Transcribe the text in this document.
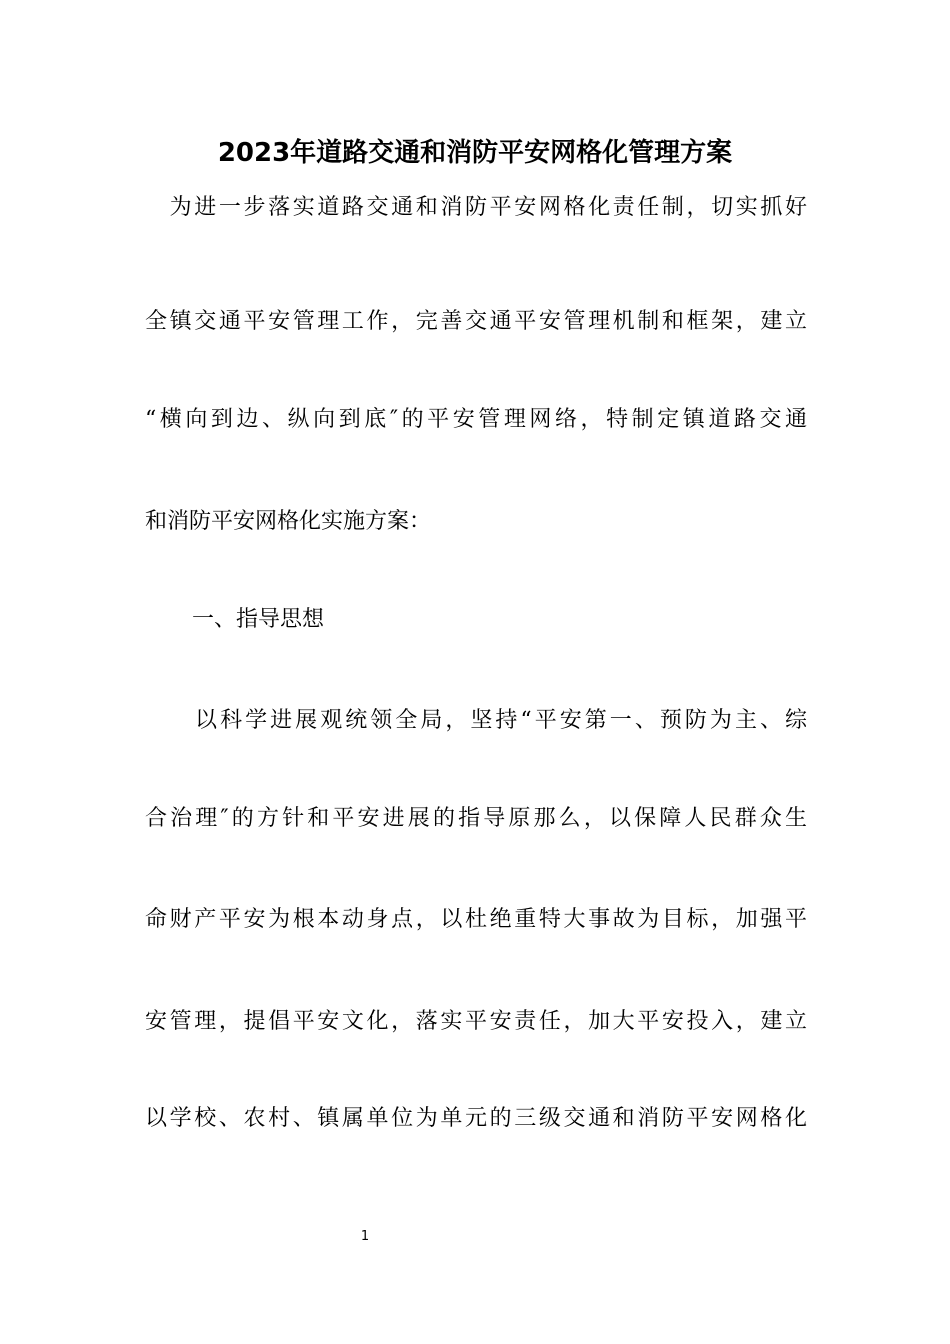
2023年道路交通和消防平安网格化管理方案
　为进一步落实道路交通和消防平安网格化责任制，切实抓好
全镇交通平安管理工作，完善交通平安管理机制和框架，建立
“横向到边、纵向到底″的平安管理网络，特制定镇道路交通
和消防平安网格化实施方案：
一、指导思想
　　以科学进展观统领全局，坚持“平安第一、预防为主、综
合治理″的方针和平安进展的指导原那么，以保障人民群众生
命财产平安为根本动身点，以杜绝重特大事故为目标，加强平
安管理，提倡平安文化，落实平安责任，加大平安投入，建立
以学校、农村、镇属单位为单元的三级交通和消防平安网格化
1
